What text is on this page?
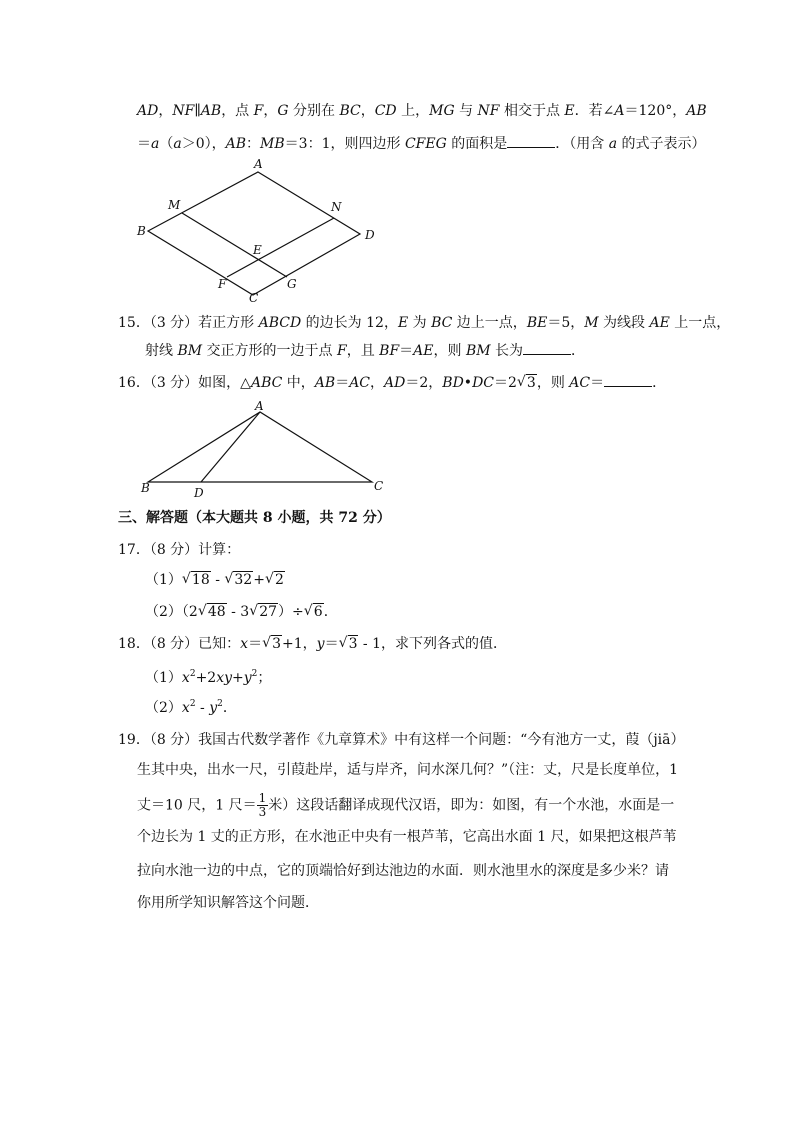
AD，NF∥AB，点 F，G 分别在 BC，CD 上，MG 与 NF 相交于点 E．若∠A＝120°，AB
＝a（a＞0），AB：MB＝3：1，则四边形 CFEG 的面积是	．（用含 a 的式子表示）
A
M	N
B	D
E
F	G
C
15．（3 分）若正方形 ABCD 的边长为 12，E 为 BC 边上一点，BE＝5，M 为线段 AE 上一点，
射线 BM 交正方形的一边于点 F，且 BF＝AE，则 BM 长为	．
16．（3 分）如图，△ABC 中，AB＝AC，AD＝2，BD•DC＝2 √ 3，则 AC＝	．
A
B	D	C
三、解答题（本大题共 8 小题，共 72 分）
17．（8 分）计算：
（1） √ 18 - √ 32+ √ 2
（2）（2 √ 48 - 3 √ 27）÷ √ 6．
18．（8 分）已知：x＝ √ 3+1，y＝ √ 3 - 1，求下列各式的值．
$(1)x^2+2xy+y^2$；
$(2)x^2 - y^2$．
19．（8 分）我国古代数学著作《九章算术》中有这样一个问题：“今有池方一丈，葭（jiā）
生其中央，出水一尺，引葭赴岸，适与岸齐，问水深几何？”（注：丈，尺是长度单位，1
丈＝10 尺，1 尺＝ $\frac{1}{3}$ 米）这段话翻译成现代汉语，即为：如图，有一个水池，水面是一
个边长为 1 丈的正方形，在水池正中央有一根芦苇，它高出水面 1 尺，如果把这根芦苇
拉向水池一边的中点，它的顶端恰好到达池边的水面．则水池里水的深度是多少米？请
你用所学知识解答这个问题．
